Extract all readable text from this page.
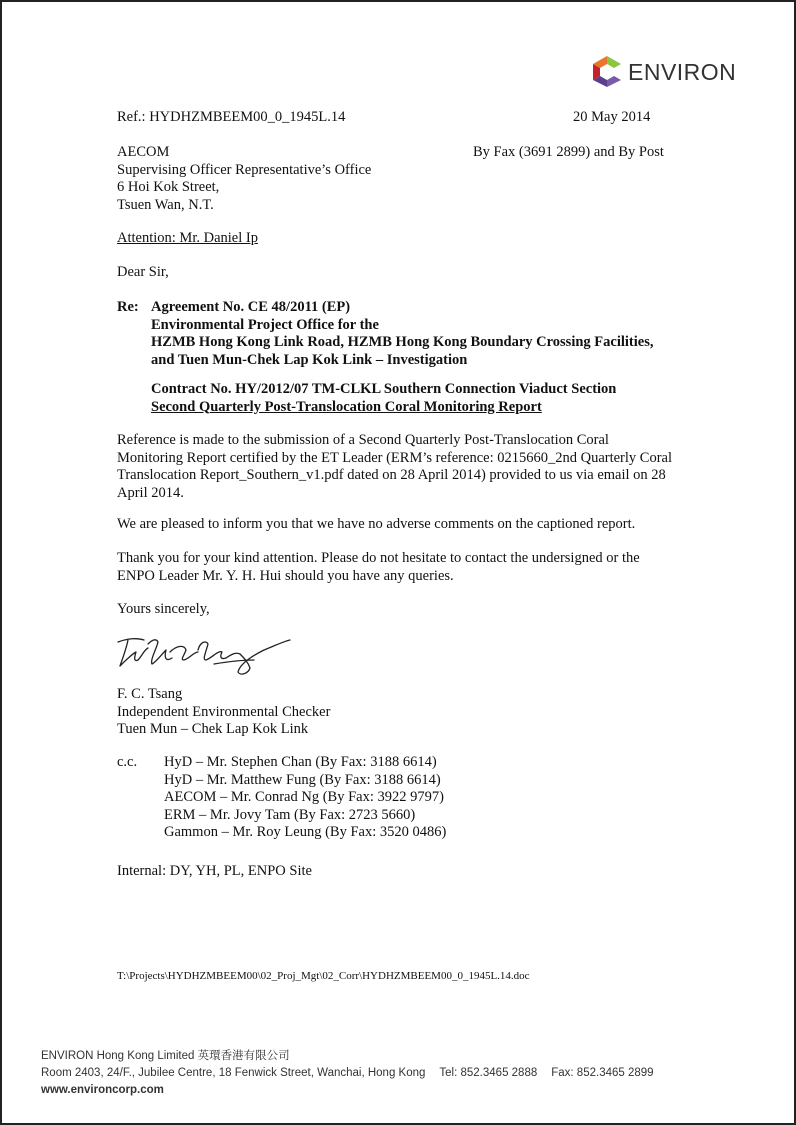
ENVIRON
Ref.: HYDHZMBEEM00_0_1945L.14	20 May 2014
AECOM
Supervising Officer Representative’s Office
6 Hoi Kok Street,
Tsuen Wan, N.T.
By Fax (3691 2899) and By Post
Attention: Mr. Daniel Ip
Dear Sir,
Re: Agreement No. CE 48/2011 (EP)
Environmental Project Office for the
HZMB Hong Kong Link Road, HZMB Hong Kong Boundary Crossing Facilities,
and Tuen Mun-Chek Lap Kok Link – Investigation
Contract No. HY/2012/07 TM-CLKL Southern Connection Viaduct Section
Second Quarterly Post-Translocation Coral Monitoring Report
Reference is made to the submission of a Second Quarterly Post-Translocation Coral
Monitoring Report certified by the ET Leader (ERM’s reference: 0215660_2nd Quarterly Coral
Translocation Report_Southern_v1.pdf dated on 28 April 2014) provided to us via email on 28
April 2014.
We are pleased to inform you that we have no adverse comments on the captioned report.
Thank you for your kind attention. Please do not hesitate to contact the undersigned or the
ENPO Leader Mr. Y. H. Hui should you have any queries.
Yours sincerely,
F. C. Tsang
Independent Environmental Checker
Tuen Mun – Chek Lap Kok Link
c.c. HyD – Mr. Stephen Chan (By Fax: 3188 6614)
HyD – Mr. Matthew Fung (By Fax: 3188 6614)
AECOM – Mr. Conrad Ng (By Fax: 3922 9797)
ERM – Mr. Jovy Tam (By Fax: 2723 5660)
Gammon – Mr. Roy Leung (By Fax: 3520 0486)
Internal: DY, YH, PL, ENPO Site
T:\Projects\HYDHZMBEEM00\02_Proj_Mgt\02_Corr\HYDHZMBEEM00_0_1945L.14.doc
ENVIRON Hong Kong Limited 英環香港有限公司
Room 2403, 24/F., Jubilee Centre, 18 Fenwick Street, Wanchai, Hong Kong Tel: 852.3465 2888 Fax: 852.3465 2899
www.environcorp.com
